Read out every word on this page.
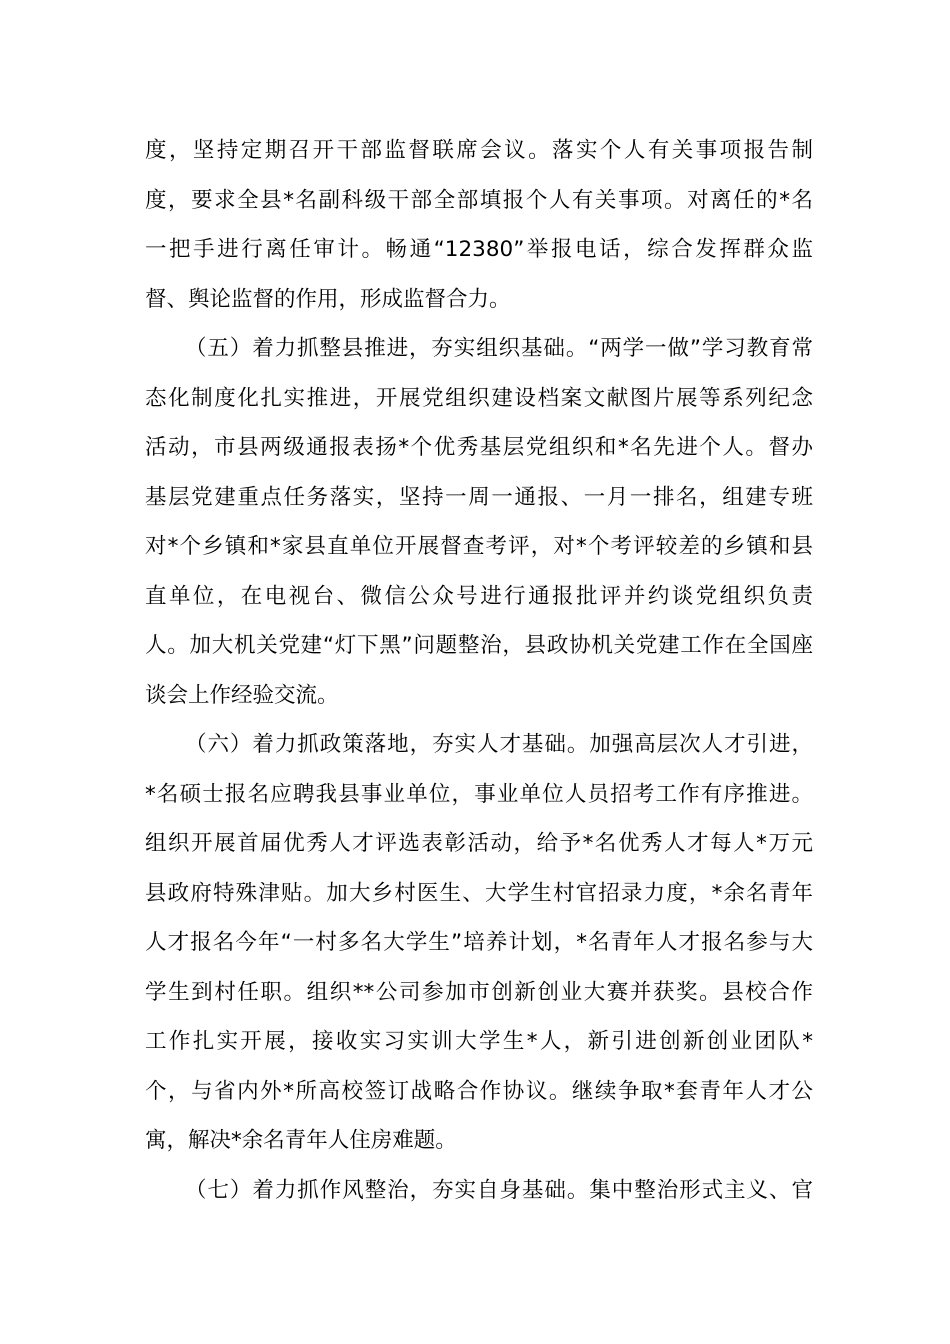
度，坚持定期召开干部监督联席会议。落实个人有关事项报告制
度，要求全县*名副科级干部全部填报个人有关事项。对离任的*名
一把手进行离任审计。畅通“12380”举报电话，综合发挥群众监
督、舆论监督的作用，形成监督合力。
（五）着力抓整县推进，夯实组织基础。“两学一做”学习教育常
态化制度化扎实推进，开展党组织建设档案文献图片展等系列纪念
活动，市县两级通报表扬*个优秀基层党组织和*名先进个人。督办
基层党建重点任务落实，坚持一周一通报、一月一排名，组建专班
对*个乡镇和*家县直单位开展督查考评，对*个考评较差的乡镇和县
直单位，在电视台、微信公众号进行通报批评并约谈党组织负责
人。加大机关党建“灯下黑”问题整治，县政协机关党建工作在全国座
谈会上作经验交流。
（六）着力抓政策落地，夯实人才基础。加强高层次人才引进，
*名硕士报名应聘我县事业单位，事业单位人员招考工作有序推进。
组织开展首届优秀人才评选表彰活动，给予*名优秀人才每人*万元
县政府特殊津贴。加大乡村医生、大学生村官招录力度，*余名青年
人才报名今年“一村多名大学生”培养计划，*名青年人才报名参与大
学生到村任职。组织**公司参加市创新创业大赛并获奖。县校合作
工作扎实开展，接收实习实训大学生*人，新引进创新创业团队*
个，与省内外*所高校签订战略合作协议。继续争取*套青年人才公
寓，解决*余名青年人住房难题。
（七）着力抓作风整治，夯实自身基础。集中整治形式主义、官
